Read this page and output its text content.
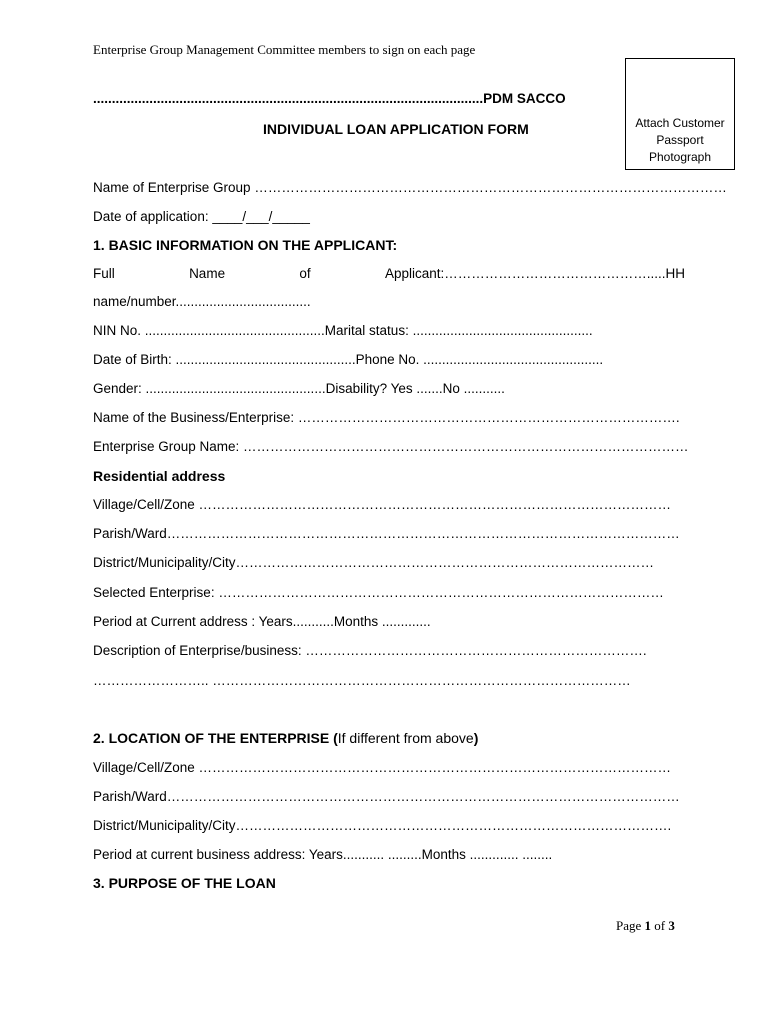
Enterprise Group Management Committee members to sign on each page
Attach Customer
Passport
Photograph
........................................................................................................PDM SACCO
INDIVIDUAL LOAN APPLICATION FORM
Name of Enterprise Group ……………………………………………………………………………………………
Date of application: ____/___/_____
1. BASIC INFORMATION ON THE APPLICANT:
Full	Name	of	Applicant:……………………………………….....HH
name/number....................................
NIN No. ................................................Marital status: ................................................
Date of Birth: ................................................Phone No. ................................................
Gender: ................................................Disability? Yes .......No ...........
Name of the Business/Enterprise: ………………………………………………………………………….
Enterprise Group Name: ………………………………………………………………………………………
Residential address
Village/Cell/Zone ……………………………………………………………………………………………
Parish/Ward……………………………………………………………………………………………………
District/Municipality/City…………………………………………………………………………………
Selected Enterprise: ………………………………………………………………………………………
Period at Current address : Years...........Months .............
Description of Enterprise/business: ………………………………………………………………….
…………………….. …………………………………………………………………………………
2. LOCATION OF THE ENTERPRISE (If different from above)
Village/Cell/Zone ……………………………………………………………………………………………
Parish/Ward……………………………………………………………………………………………………
District/Municipality/City…………………………………………………………………………………….
Period at current business address: Years........... .........Months ............. ........
3. PURPOSE OF THE LOAN
Page 1 of 3
